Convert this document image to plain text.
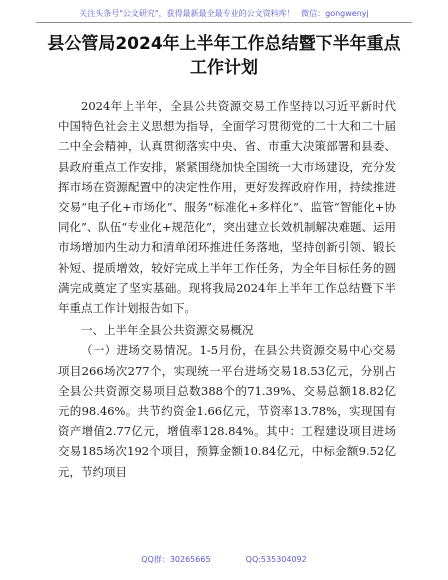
关注头条号"公文研究"，获得最新最全最专业的公文资料库！ 微信：gongwenyj
县公管局2024年上半年工作总结暨下半年重点
工作计划

2024年上半年，全县公共资源交易工作坚持以习近平新时代中国特色社会主义思想为指导，全面学习贯彻党的二十大和二十届二中全会精神，认真贯彻落实中央、省、市重大决策部署和县委、县政府重点工作安排，紧紧围绕加快全国统一大市场建设，充分发挥市场在资源配置中的决定性作用，更好发挥政府作用，持续推进交易“电子化+市场化”、服务“标准化+多样化”、监管“智能化+协同化”、队伍“专业化+规范化”，突出建立长效机制解决难题、运用市场增加内生动力和清单闭环推进任务落地，坚持创新引领、锻长补短、提质增效，较好完成上半年工作任务，为全年目标任务的圆满完成奠定了坚实基础。现将我局2024年上半年工作总结暨下半年重点工作计划报告如下。

一、上半年全县公共资源交易概况

（一）进场交易情况。1-5月份，在县公共资源交易中心交易项目266场次277个，实现统一平台进场交易18.53亿元，分别占全县公共资源交易项目总数388个的71.39%、交易总额18.82亿元的98.46%。共节约资金1.66亿元，节资率13.78%，实现国有资产增值2.77亿元，增值率128.84%。其中：工程建设项目进场交易185场次192个项目，预算金额10.84亿元，中标金额9.52亿元，节约项目

QQ群：30265665	QQ:535304092
